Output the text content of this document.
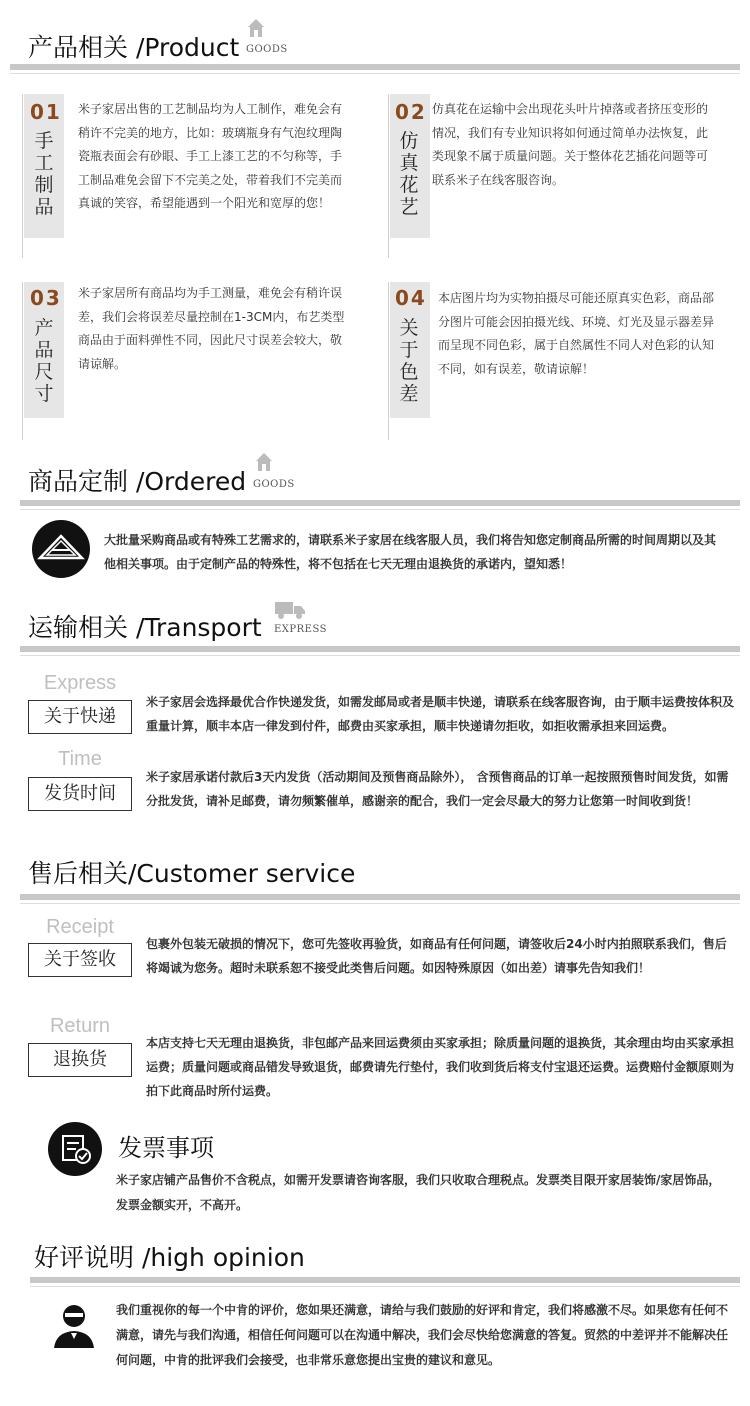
产品相关 /Product GOODS
01
手工制品
米子家居出售的工艺制品均为人工制作，难免会有稍许不完美的地方，比如：玻璃瓶身有气泡纹理陶瓷瓶表面会有砂眼、手工上漆工艺的不匀称等，手工制品难免会留下不完美之处，带着我们不完美而真诚的笑容，希望能遇到一个阳光和宽厚的您！
02
仿真花艺
仿真花在运输中会出现花头叶片掉落或者挤压变形的情况，我们有专业知识将如何通过简单办法恢复，此类现象不属于质量问题。关于整体花艺插花问题等可联系米子在线客服咨询。
03
产品尺寸
米子家居所有商品均为手工测量，难免会有稍许误差，我们会将误差尽量控制在1-3CM内，布艺类型商品由于面料弹性不同，因此尺寸误差会较大，敬请谅解。
04
关于色差
本店图片均为实物拍摄尽可能还原真实色彩，商品部分图片可能会因拍摄光线、环境、灯光及显示器差异而呈现不同色彩，属于自然属性不同人对色彩的认知不同，如有误差，敬请谅解！
商品定制 /Ordered GOODS
大批量采购商品或有特殊工艺需求的，请联系米子家居在线客服人员，我们将告知您定制商品所需的时间周期以及其他相关事项。由于定制产品的特殊性，将不包括在七天无理由退换货的承诺内，望知悉！
运输相关 /Transport EXPRESS
Express
关于快递
米子家居会选择最优合作快递发货，如需发邮局或者是顺丰快递，请联系在线客服咨询，由于顺丰运费按体积及重量计算，顺丰本店一律发到付件，邮费由买家承担，顺丰快递请勿拒收，如拒收需承担来回运费。
Time
发货时间
米子家居承诺付款后3天内发货（活动期间及预售商品除外）， 含预售商品的订单一起按照预售时间发货，如需分批发货，请补足邮费，请勿频繁催单，感谢亲的配合，我们一定会尽最大的努力让您第一时间收到货！
售后相关/Customer service
Receipt
关于签收
包裹外包装无破损的情况下，您可先签收再验货，如商品有任何问题，请签收后24小时内拍照联系我们，售后将竭诚为您务。超时未联系恕不接受此类售后问题。如因特殊原因（如出差）请事先告知我们！
Return
退换货
本店支持七天无理由退换货，非包邮产品来回运费须由买家承担；除质量问题的退换货，其余理由均由买家承担运费；质量问题或商品错发导致退货，邮费请先行垫付，我们收到货后将支付宝退还运费。运费赔付金额原则为拍下此商品时所付运费。
发票事项
米子家店铺产品售价不含税点，如需开发票请咨询客服，我们只收取合理税点。发票类目限开家居装饰/家居饰品，发票金额实开，不高开。
好评说明 /high opinion
我们重视你的每一个中肯的评价，您如果还满意，请给与我们鼓励的好评和肯定，我们将感激不尽。如果您有任何不满意，请先与我们沟通，相信任何问题可以在沟通中解决，我们会尽快给您满意的答复。贸然的中差评并不能解决任何问题，中肯的批评我们会接受，也非常乐意您提出宝贵的建议和意见。
